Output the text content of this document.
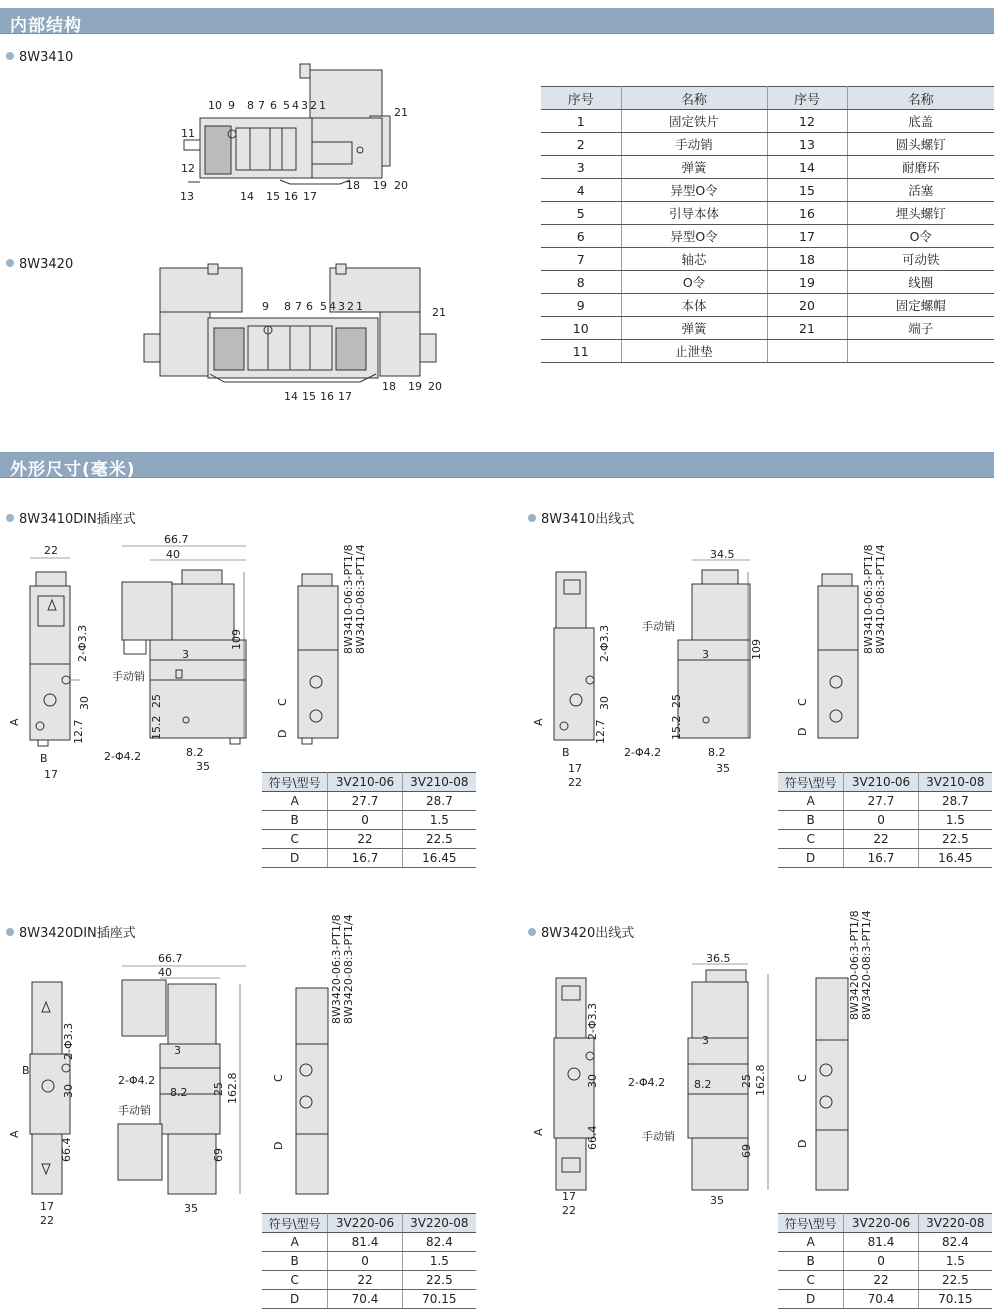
内部结构
外形尺寸(毫米)
8W3410
8W3420
10 9 8 7 6 5 4 3 2 1
11
12
13	14 15 16 17
18 19 20
21
9 8 7 6 5 4 3 2 1	21
14 15 16 17
18 19 20
序号	名称	序号	名称
1	固定铁片	12	底盖
2	手动销	13	圆头螺钉
3	弹簧	14	耐磨环
4	异型O令	15	活塞
5	引导本体	16	埋头螺钉
6	异型O令	17	O令
7	轴芯	18	可动铁
8	O令	19	线圈
9	本体	20	固定螺帽
10	弹簧	21	端子
11	止泄垫		
8W3410DIN插座式	8W3410出线式
8W3420DIN插座式	8W3420出线式
22
66.7
40
109
2-Φ3.3	3
手动销
30	25
15.2
12.7
2-Φ4.2	8.2
35
17
A
B
C
D
8W3410-06:3-PT1/8 8W3410-08:3-PT1/4	34.5
109
2-Φ3.3	手动销
3
30	25
15.2
12.7
2-Φ4.2	8.2
35
17
22
A
B
C
D
8W3410-06:3-PT1/8 8W3410-08:3-PT1/4
符号\型号	3V210-06	3V210-08
A	27.7	28.7
B	0	1.5
C	22	22.5
D	16.7	16.45
符号\型号	3V210-06	3V210-08
A	27.7	28.7
B	0	1.5
C	22	22.5
D	16.7	16.45
66.7
40
2-Φ3.3	3
B
2-Φ4.2
8.2
30	25 162.8
手动销
A
66.4	69
17
22
35
C
D
8W3420-06:3-PT1/8 8W3420-08:3-PT1/4	36.5
2-Φ3.3
3
2-Φ4.2	8.2
30	25 162.8
A	66.4	手动销
69
17
22
35
C
D
8W3420-06:3-PT1/8 8W3420-08:3-PT1/4
符号\型号	3V220-06	3V220-08
A	81.4	82.4
B	0	1.5
C	22	22.5
D	70.4	70.15
符号\型号	3V220-06	3V220-08
A	81.4	82.4
B	0	1.5
C	22	22.5
D	70.4	70.15
